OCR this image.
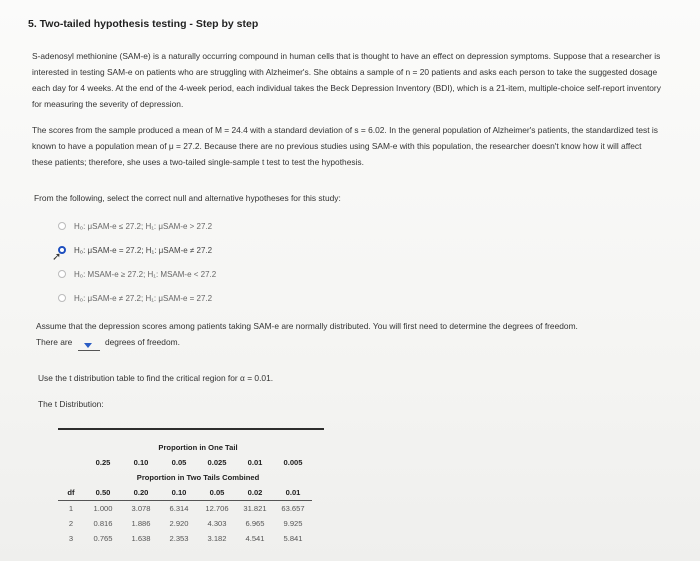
5. Two-tailed hypothesis testing - Step by step
S-adenosyl methionine (SAM-e) is a naturally occurring compound in human cells that is thought to have an effect on depression symptoms. Suppose that a researcher is interested in testing SAM-e on patients who are struggling with Alzheimer's. She obtains a sample of n = 20 patients and asks each person to take the suggested dosage each day for 4 weeks. At the end of the 4-week period, each individual takes the Beck Depression Inventory (BDI), which is a 21-item, multiple-choice self-report inventory for measuring the severity of depression.
The scores from the sample produced a mean of M = 24.4 with a standard deviation of s = 6.02. In the general population of Alzheimer's patients, the standardized test is known to have a population mean of μ = 27.2. Because there are no previous studies using SAM-e with this population, the researcher doesn't know how it will affect these patients; therefore, she uses a two-tailed single-sample t test to test the hypothesis.
From the following, select the correct null and alternative hypotheses for this study:
H₀: μSAM-e ≤ 27.2; H₁: μSAM-e > 27.2
H₀: μSAM-e = 27.2; H₁: μSAM-e ≠ 27.2
H₀: MSAM-e ≥ 27.2; H₁: MSAM-e < 27.2
H₀: μSAM-e ≠ 27.2; H₁: μSAM-e = 27.2
➚
Assume that the depression scores among patients taking SAM-e are normally distributed. You will first need to determine the degrees of freedom.
There are	degrees of freedom.
Use the t distribution table to find the critical region for α = 0.01.
The t Distribution:
	Proportion in One Tail					
	0.25	0.10	0.05	0.025	0.01	0.005
	Proportion in Two Tails Combined					
df	0.50	0.20	0.10	0.05	0.02	0.01
1	1.000	3.078	6.314	12.706	31.821	63.657
2	0.816	1.886	2.920	4.303	6.965	9.925
3	0.765	1.638	2.353	3.182	4.541	5.841
